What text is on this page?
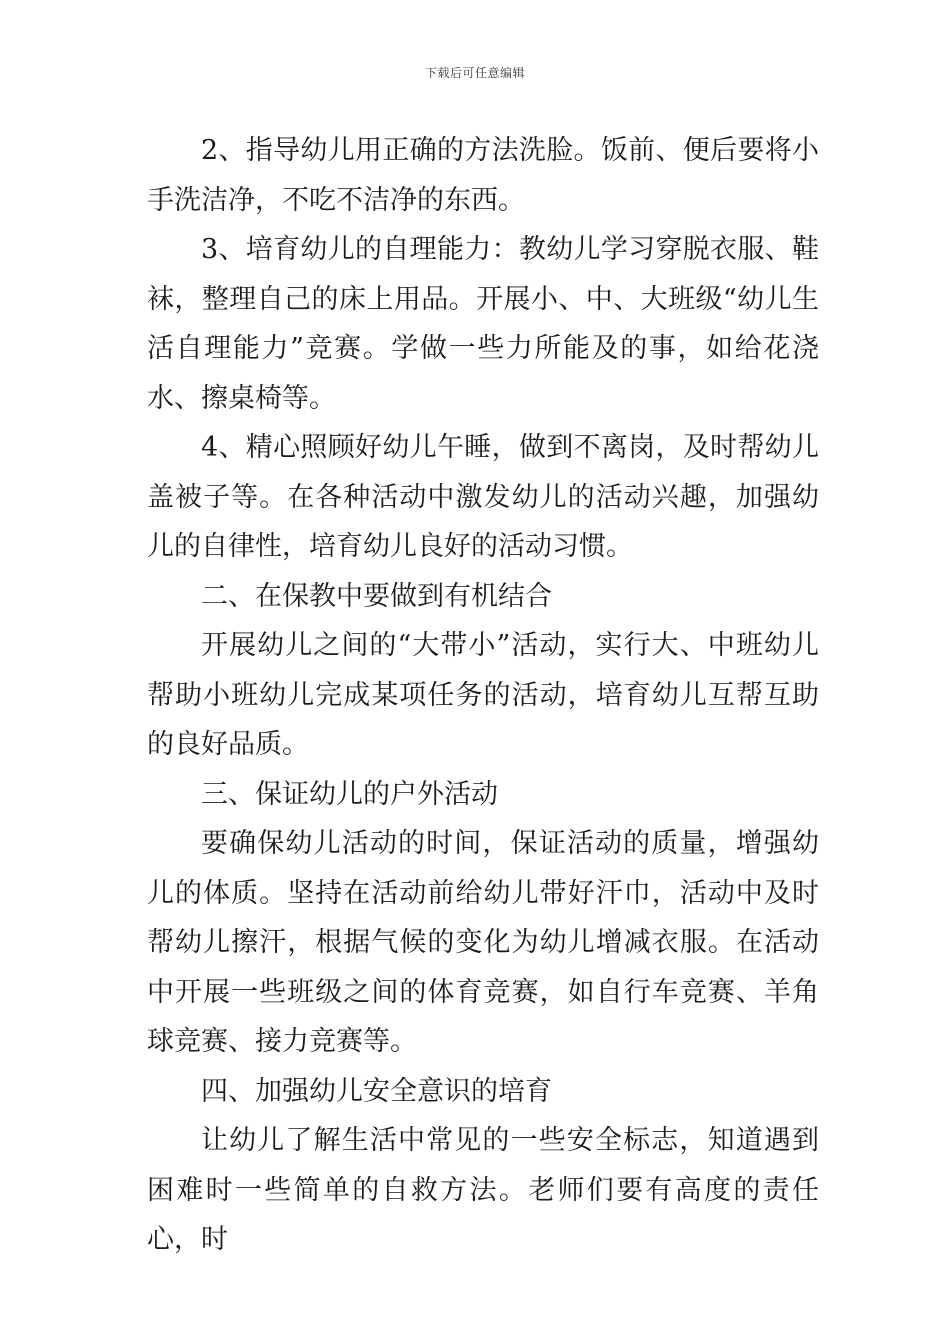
下载后可任意编辑

2、指导幼儿用正确的方法洗脸。饭前、便后要将小手洗洁净，不吃不洁净的东西。

3、培育幼儿的自理能力：教幼儿学习穿脱衣服、鞋袜，整理自己的床上用品。开展小、中、大班级“幼儿生活自理能力”竞赛。学做一些力所能及的事，如给花浇水、擦桌椅等。

4、精心照顾好幼儿午睡，做到不离岗，及时帮幼儿盖被子等。在各种活动中激发幼儿的活动兴趣，加强幼儿的自律性，培育幼儿良好的活动习惯。

二、在保教中要做到有机结合

开展幼儿之间的“大带小”活动，实行大、中班幼儿帮助小班幼儿完成某项任务的活动，培育幼儿互帮互助的良好品质。

三、保证幼儿的户外活动

要确保幼儿活动的时间，保证活动的质量，增强幼儿的体质。坚持在活动前给幼儿带好汗巾，活动中及时帮幼儿擦汗，根据气候的变化为幼儿增减衣服。在活动中开展一些班级之间的体育竞赛，如自行车竞赛、羊角球竞赛、接力竞赛等。

四、加强幼儿安全意识的培育

让幼儿了解生活中常见的一些安全标志，知道遇到困难时一些简单的自救方法。老师们要有高度的责任心，时
